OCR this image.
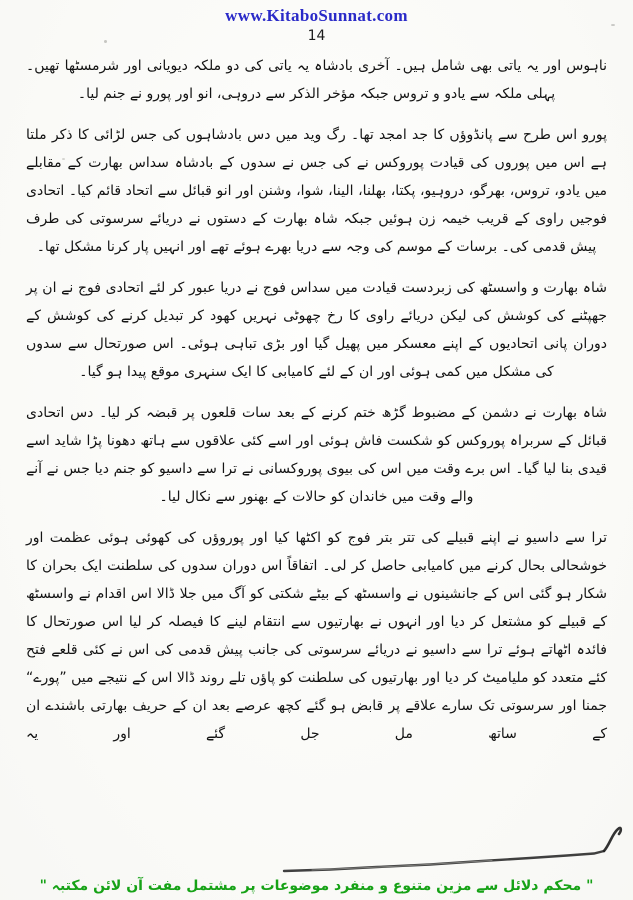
www.KitaboSunnat.com
14

ناہوس اور یہ یاتی بھی شامل ہیں۔ آخری بادشاہ یہ یاتی کی دو ملکہ دیویانی اور شرمسٹھا تھیں۔ پہلی ملکہ سے یادو و تروس جبکہ مؤخر الذکر سے دروہی، انو اور پورو نے جنم لیا۔

پورو اس طرح سے پانڈوؤں کا جد امجد تھا۔ رگ وید میں دس بادشاہوں کی جس لڑائی کا ذکر ملتا ہے اس میں پوروں کی قیادت پوروکس نے کی جس نے سدوں کے بادشاہ سداس بھارت کے مقابلے میں یادو، تروس، بھرگو، دروہیو، پکتا، بھلنا، الینا، شوا، وشنن اور انو قبائل سے اتحاد قائم کیا۔ اتحادی فوجیں راوی کے قریب خیمہ زن ہوئیں جبکہ شاہ بھارت کے دستوں نے دریائے سرسوتی کی طرف پیش قدمی کی۔ برسات کے موسم کی وجہ سے دریا بھرے ہوئے تھے اور انہیں پار کرنا مشکل تھا۔

شاہ بھارت و واسسٹھ کی زبردست قیادت میں سداس فوج نے دریا عبور کر لئے اتحادی فوج نے ان پر جھپٹنے کی کوشش کی لیکن دریائے راوی کا رخ چھوٹی نہریں کھود کر تبدیل کرنے کی کوشش کے دوران پانی اتحادیوں کے اپنے معسکر میں پھیل گیا اور بڑی تباہی ہوئی۔ اس صورتحال سے سدوں کی مشکل میں کمی ہوئی اور ان کے لئے کامیابی کا ایک سنہری موقع پیدا ہو گیا۔

شاہ بھارت نے دشمن کے مضبوط گڑھ ختم کرنے کے بعد سات قلعوں پر قبضہ کر لیا۔ دس اتحادی قبائل کے سربراہ پوروکس کو شکست فاش ہوئی اور اسے کئی علاقوں سے ہاتھ دھونا پڑا شاید اسے قیدی بنا لیا گیا۔ اس برے وقت میں اس کی بیوی پوروکسانی نے ترا سے داسیو کو جنم دیا جس نے آنے والے وقت میں خاندان کو حالات کے بھنور سے نکال لیا۔

ترا سے داسیو نے اپنے قبیلے کی تتر بتر فوج کو اکٹھا کیا اور پوروؤں کی کھوئی ہوئی عظمت اور خوشحالی بحال کرنے میں کامیابی حاصل کر لی۔ اتفاقاً اس دوران سدوں کی سلطنت ایک بحران کا شکار ہو گئی اس کے جانشینوں نے واسسٹھ کے بیٹے شکتی کو آگ میں جلا ڈالا اس اقدام نے واسسٹھ کے قبیلے کو مشتعل کر دیا اور انہوں نے بھارتیوں سے انتقام لینے کا فیصلہ کر لیا اس صورتحال کا فائدہ اٹھاتے ہوئے ترا سے داسیو نے دریائے سرسوتی کی جانب پیش قدمی کی اس نے کئی قلعے فتح کئے متعدد کو ملیامیٹ کر دیا اور بھارتیوں کی سلطنت کو پاؤں تلے روند ڈالا اس کے نتیجے میں ”پورے“ جمنا اور سرسوتی تک سارے علاقے پر قابض ہو گئے کچھ عرصے بعد ان کے حریف بھارتی باشندے ان کے ساتھ مل جل گئے اور یہ

" محکم دلائل سے مزین متنوع و منفرد موضوعات پر مشتمل مفت آن لائن مکتبہ "
